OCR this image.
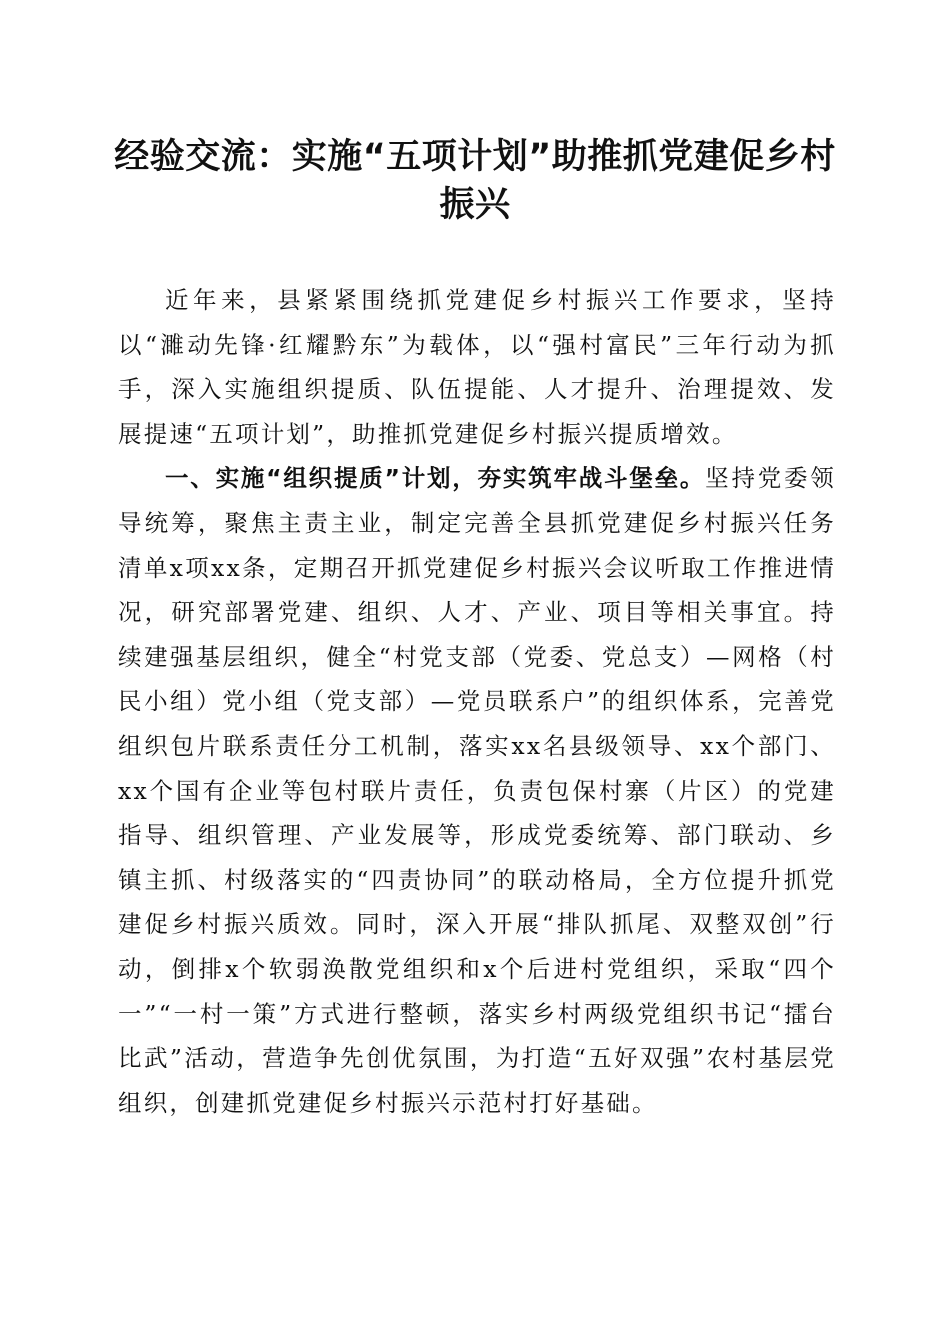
经验交流：实施“五项计划”助推抓党建促乡村振兴

近年来，县紧紧围绕抓党建促乡村振兴工作要求，坚持以“濉动先锋·红耀黔东”为载体，以“强村富民”三年行动为抓手，深入实施组织提质、队伍提能、人才提升、治理提效、发展提速“五项计划”，助推抓党建促乡村振兴提质增效。

一、实施“组织提质”计划，夯实筑牢战斗堡垒。坚持党委领导统筹，聚焦主责主业，制定完善全县抓党建促乡村振兴任务清单x项xx条，定期召开抓党建促乡村振兴会议听取工作推进情况，研究部署党建、组织、人才、产业、项目等相关事宜。持续建强基层组织，健全“村党支部（党委、党总支）—网格（村民小组）党小组（党支部）—党员联系户”的组织体系，完善党组织包片联系责任分工机制，落实xx名县级领导、xx个部门、xx个国有企业等包村联片责任，负责包保村寨（片区）的党建指导、组织管理、产业发展等，形成党委统筹、部门联动、乡镇主抓、村级落实的“四责协同”的联动格局，全方位提升抓党建促乡村振兴质效。同时，深入开展“排队抓尾、双整双创”行动，倒排x个软弱涣散党组织和x个后进村党组织，采取“四个一”“一村一策”方式进行整顿，落实乡村两级党组织书记“擂台比武”活动，营造争先创优氛围，为打造“五好双强”农村基层党组织，创建抓党建促乡村振兴示范村打好基础。
